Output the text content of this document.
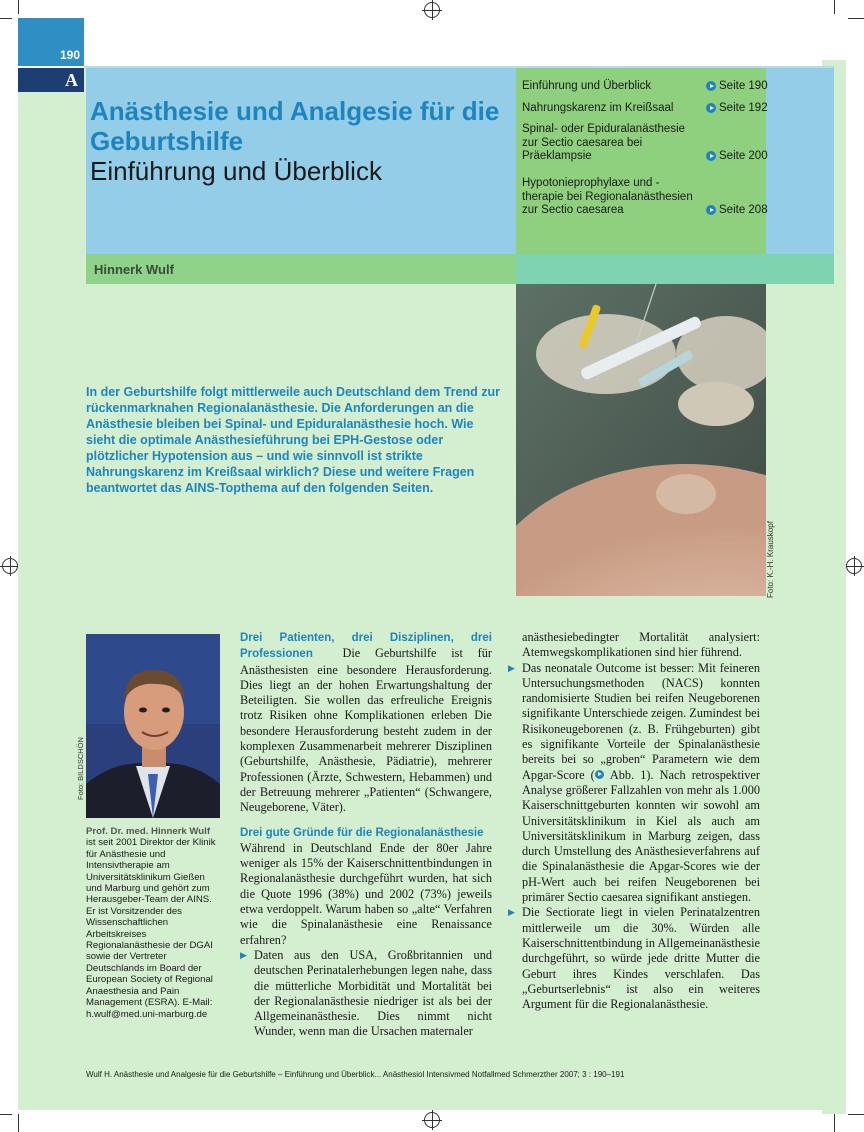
190
A
Anästhesie und Analgesie für die Geburtshilfe
Einführung und Überblick
Einführung und Überblick	Seite 190
Nahrungskarenz im Kreißsaal	Seite 192
Spinal- oder Epiduralanästhesie zur Sectio caesarea bei Präeklampsie	Seite 200
Hypotonieprophylaxe und -therapie bei Regionalanästhesien zur Sectio caesarea	Seite 208
Hinnerk Wulf
Foto: K.-H. Krauskopf
In der Geburtshilfe folgt mittlerweile auch Deutschland dem Trend zur rückenmarknahen Regionalanästhesie. Die Anforderungen an die Anästhesie bleiben bei Spinal- und Epiduralanästhesie hoch. Wie sieht die optimale Anästhesieführung bei EPH-Gestose oder plötzlicher Hypotension aus – und wie sinnvoll ist strikte Nahrungskarenz im Kreißsaal wirklich? Diese und weitere Fragen beantwortet das AINS-Topthema auf den folgenden Seiten.
Foto: BILDSCHÖN
Prof. Dr. med. Hinnerk Wulf ist seit 2001 Direktor der Klinik für Anästhesie und Intensivtherapie am Universitätsklinikum Gießen und Marburg und gehört zum Herausgeber-Team der AINS. Er ist Vorsitzender des Wissenschaftlichen Arbeitskreises Regionalanästhesie der DGAI sowie der Vertreter Deutschlands im Board der European Society of Regional Anaesthesia and Pain Management (ESRA). E-Mail: h.wulf@med.uni-marburg.de

Drei Patienten, drei Disziplinen, drei Professionen Die Geburtshilfe ist für Anästhesisten eine besondere Herausforderung. Dies liegt an der hohen Erwartungshaltung der Beteiligten. Sie wollen das erfreuliche Ereignis trotz Risiken ohne Komplikationen erleben Die besondere Herausforderung besteht zudem in der komplexen Zusammenarbeit mehrerer Disziplinen (Geburtshilfe, Anästhesie, Pädiatrie), mehrerer Professionen (Ärzte, Schwestern, Hebammen) und der Betreuung mehrerer „Patienten“ (Schwangere, Neugeborene, Väter).

Drei gute Gründe für die Regionalanästhesie

Während in Deutschland Ende der 80er Jahre weniger als 15% der Kaiserschnittentbindungen in Regionalanästhesie durchgeführt wurden, hat sich die Quote 1996 (38%) und 2002 (73%) jeweils etwa verdoppelt. Warum haben so „alte“ Verfahren wie die Spinalanästhesie eine Renaissance erfahren?

▶ Daten aus den USA, Großbritannien und deutschen Perinatalerhebungen legen nahe, dass die mütterliche Morbidität und Mortalität bei der Regionalanästhesie niedriger ist als bei der Allgemeinanästhesie. Dies nimmt nicht Wunder, wenn man die Ursachen maternaler

anästhesiebedingter Mortalität analysiert: Atemwegskomplikationen sind hier führend.

▶ Das neonatale Outcome ist besser: Mit feineren Untersuchungsmethoden (NACS) konnten randomisierte Studien bei reifen Neugeborenen signifikante Unterschiede zeigen. Zumindest bei Risikoneugeborenen (z. B. Frühgeburten) gibt es signifikante Vorteile der Spinalanästhesie bereits bei so „groben“ Parametern wie dem Apgar-Score ( Abb. 1). Nach retrospektiver Analyse größerer Fallzahlen von mehr als 1.000 Kaiserschnittgeburten konnten wir sowohl am Universitätsklinikum in Kiel als auch am Universitätsklinikum in Marburg zeigen, dass durch Umstellung des Anästhesieverfahrens auf die Spinalanästhesie die Apgar-Scores wie der pH-Wert auch bei reifen Neugeborenen bei primärer Sectio caesarea signifikant anstiegen.

▶ Die Sectiorate liegt in vielen Perinatalzentren mittlerweile um die 30%. Würden alle Kaiserschnittentbindung in Allgemeinanästhesie durchgeführt, so würde jede dritte Mutter die Geburt ihres Kindes verschlafen. Das „Geburtserlebnis“ ist also ein weiteres Argument für die Regionalanästhesie.

Wulf H. Anästhesie und Analgesie für die Geburtshilfe – Einführung und Überblick... Anästhesiol Intensivmed Notfallmed Schmerzther 2007; 3 : 190–191
